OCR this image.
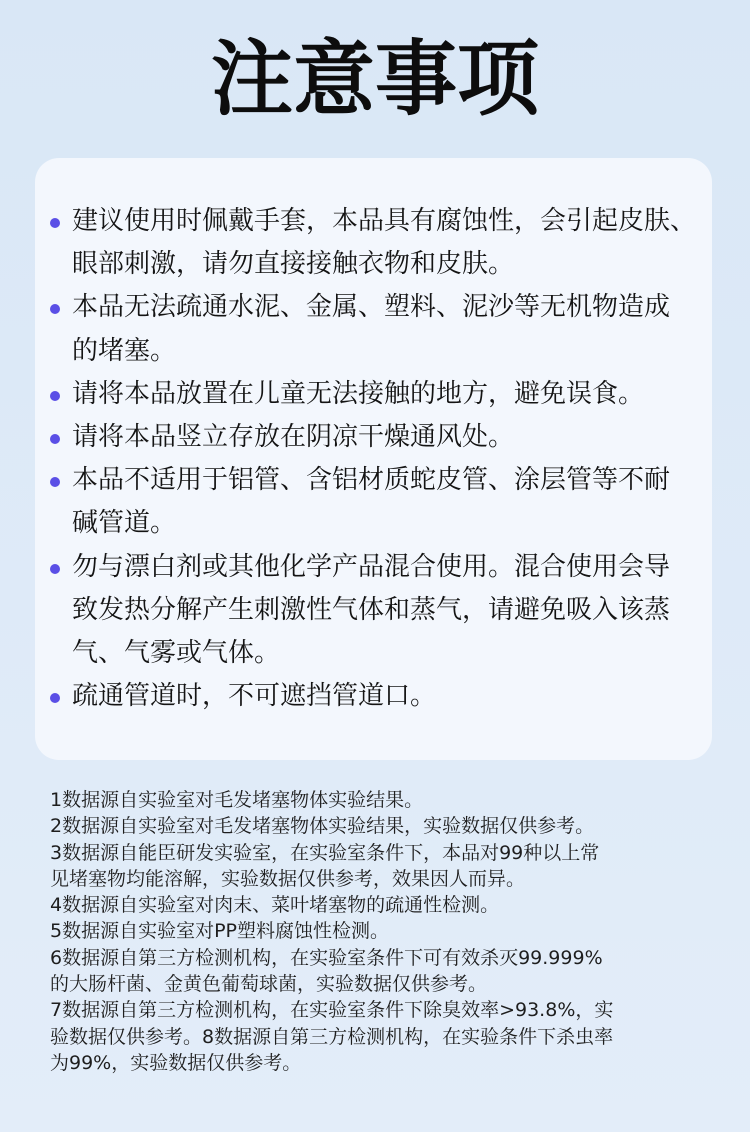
注意事项
建议使用时佩戴手套，本品具有腐蚀性，会引起皮肤、
眼部刺激，请勿直接接触衣物和皮肤。
本品无法疏通水泥、金属、塑料、泥沙等无机物造成
的堵塞。
请将本品放置在儿童无法接触的地方，避免误食。
请将本品竖立存放在阴凉干燥通风处。
本品不适用于铝管、含铝材质蛇皮管、涂层管等不耐
碱管道。
勿与漂白剂或其他化学产品混合使用。混合使用会导
致发热分解产生刺激性气体和蒸气，请避免吸入该蒸
气、气雾或气体。
疏通管道时，不可遮挡管道口。

1数据源自实验室对毛发堵塞物体实验结果。

2数据源自实验室对毛发堵塞物体实验结果，实验数据仅供参考。

3数据源自能臣研发实验室，在实验室条件下，本品对99种以上常

见堵塞物均能溶解，实验数据仅供参考，效果因人而异。

4数据源自实验室对肉末、菜叶堵塞物的疏通性检测。

5数据源自实验室对PP塑料腐蚀性检测。

6数据源自第三方检测机构，在实验室条件下可有效杀灭99.999%

的大肠杆菌、金黄色葡萄球菌，实验数据仅供参考。

7数据源自第三方检测机构，在实验室条件下除臭效率>93.8%，实

验数据仅供参考。8数据源自第三方检测机构，在实验条件下杀虫率

为99%，实验数据仅供参考。
